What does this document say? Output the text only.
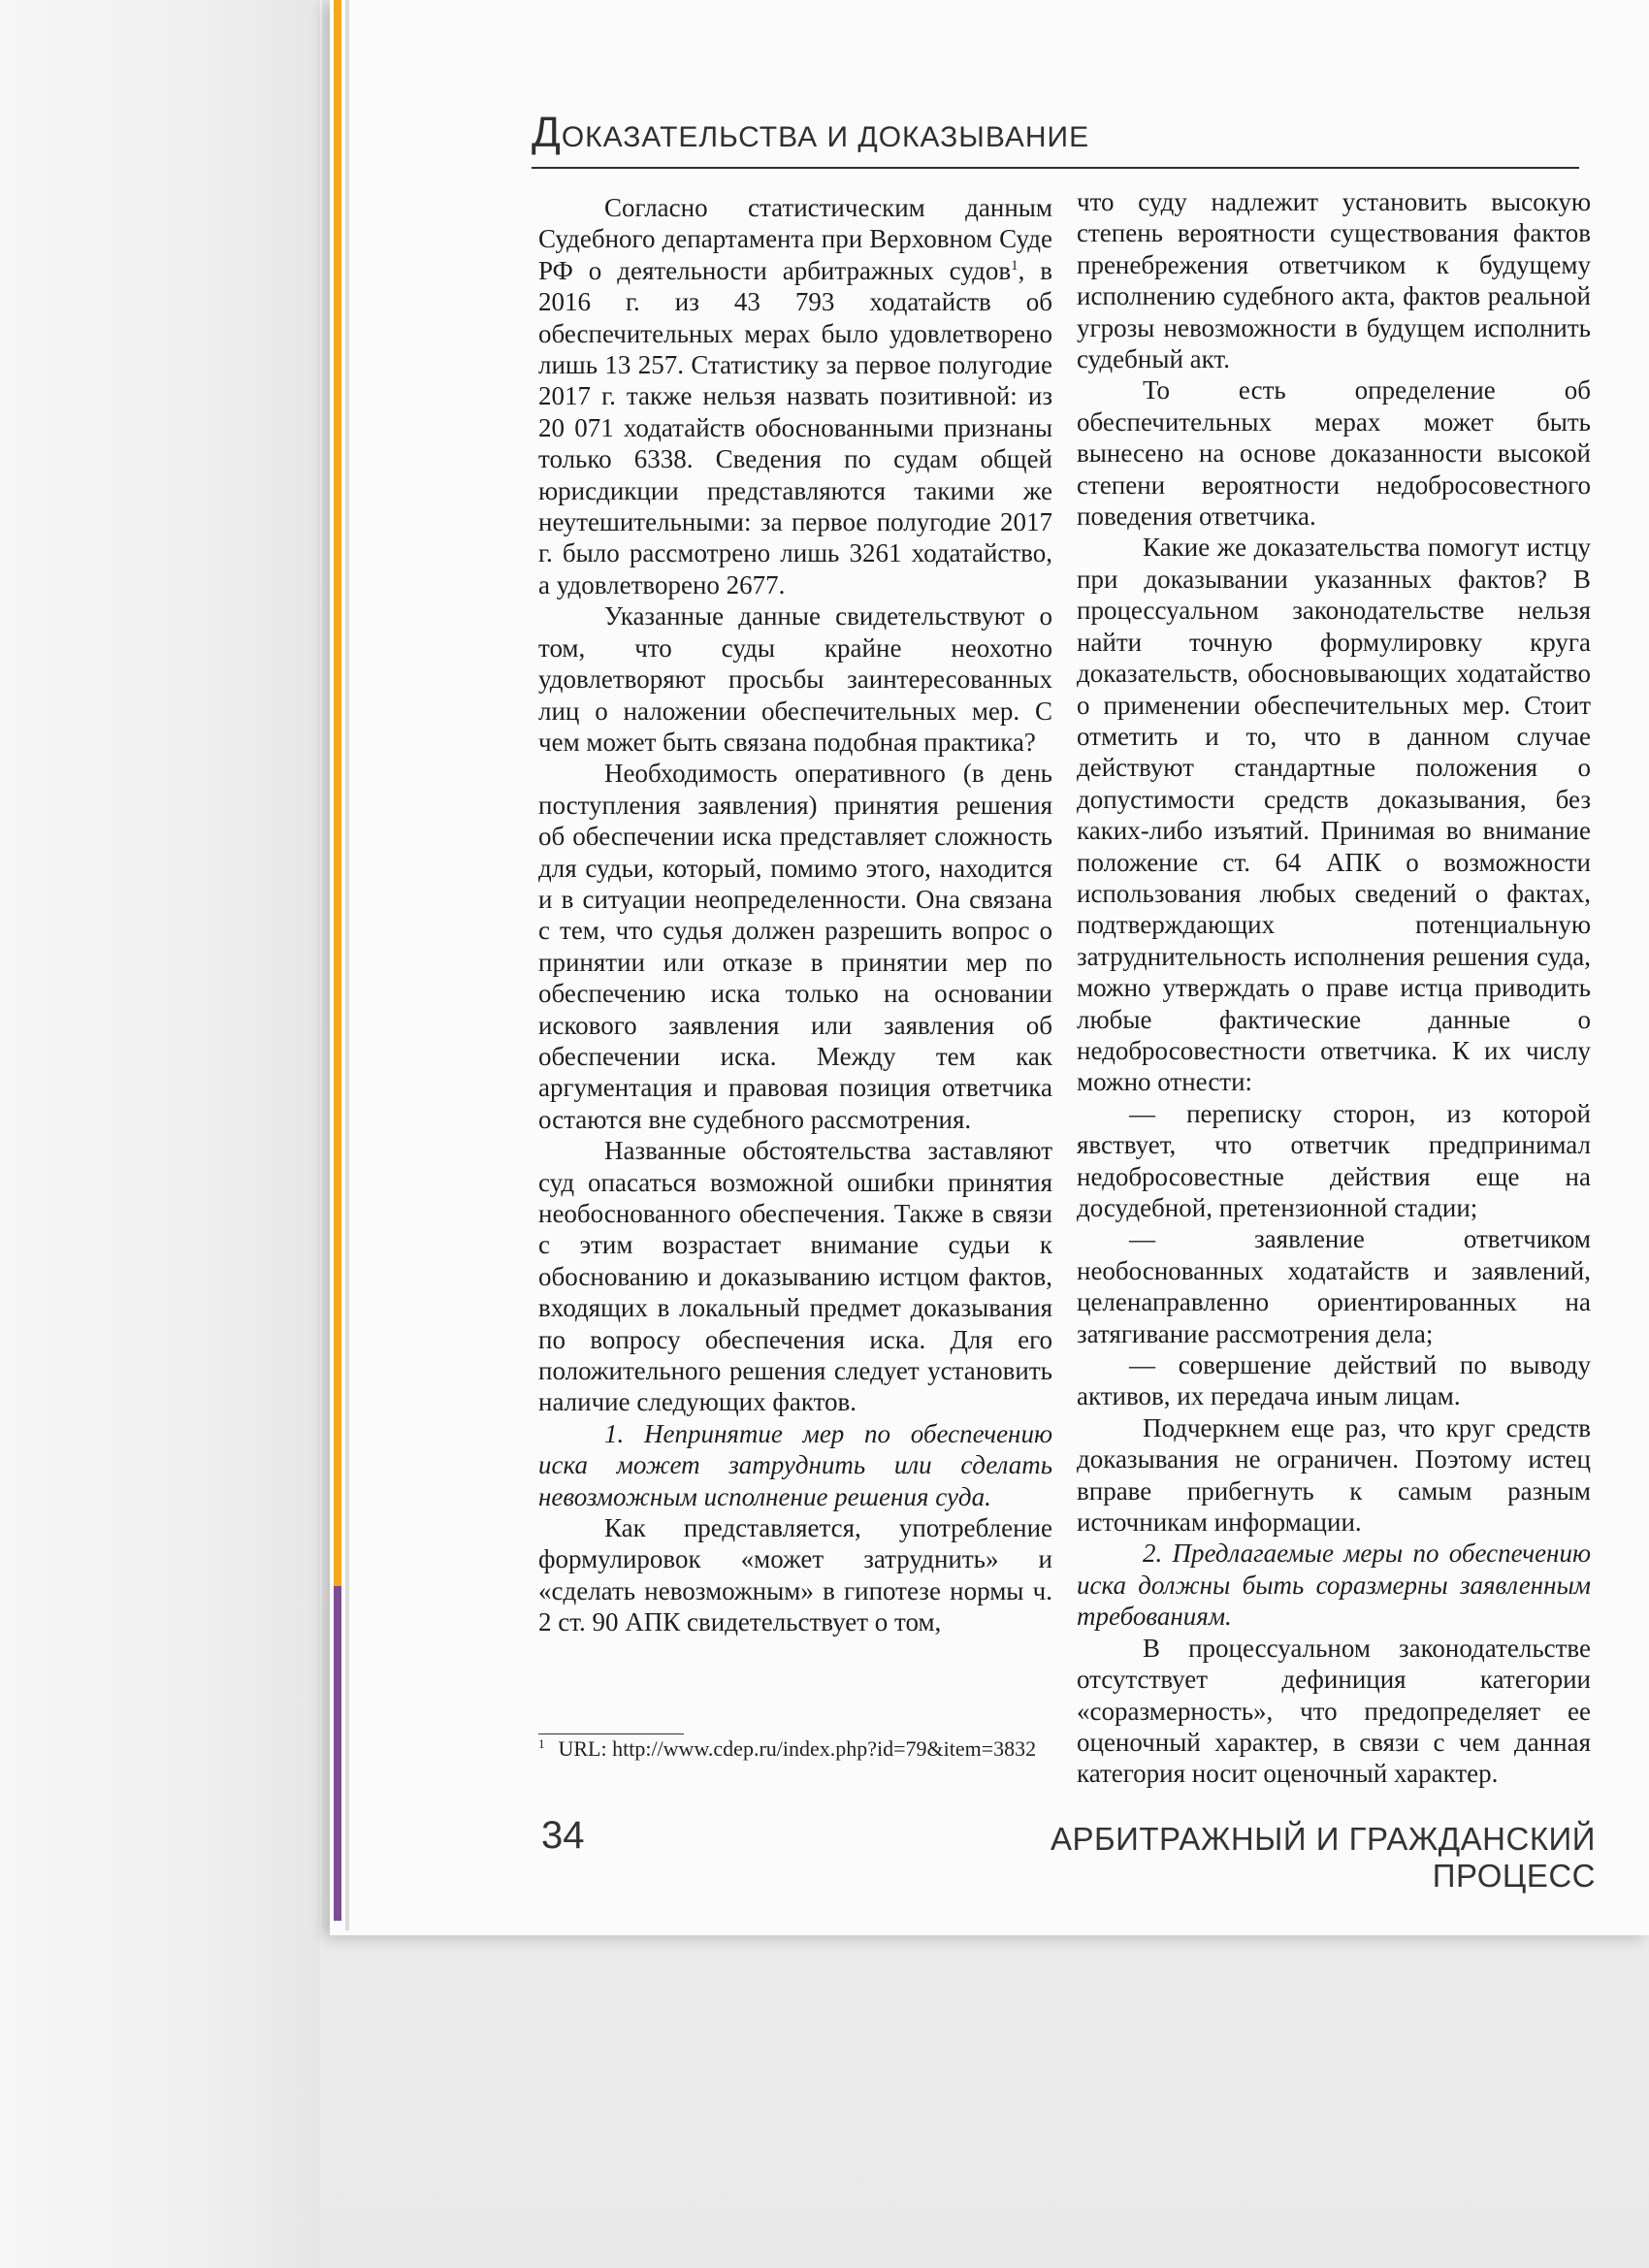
ДОКАЗАТЕЛЬСТВА И ДОКАЗЫВАНИЕ

Согласно статистическим данным Судебного департамента при Верховном Суде РФ о деятельности арбитражных судов$^1$, в 2016 г. из 43 793 ходатайств об обеспечительных мерах было удовлетворено лишь 13 257. Статистику за первое полугодие 2017 г. также нельзя назвать позитивной: из 20 071 ходатайств обоснованными признаны только 6338. Сведения по судам общей юрисдикции представляются такими же неутешительными: за первое полугодие 2017 г. было рассмотрено лишь 3261 ходатайство, а удовлетворено 2677.

Указанные данные свидетельствуют о том, что суды крайне неохотно удовлетворяют просьбы заинтересованных лиц о наложении обеспечительных мер. С чем может быть связана подобная практика?

Необходимость оперативного (в день поступления заявления) принятия решения об обеспечении иска представляет сложность для судьи, который, помимо этого, находится и в ситуации неопределенности. Она связана с тем, что судья должен разрешить вопрос о принятии или отказе в принятии мер по обеспечению иска только на основании искового заявления или заявления об обеспечении иска. Между тем как аргументация и правовая позиция ответчика остаются вне судебного рассмотрения.

Названные обстоятельства заставляют суд опасаться возможной ошибки принятия необоснованного обеспечения. Также в связи с этим возрастает внимание судьи к обоснованию и доказыванию истцом фактов, входящих в локальный предмет доказывания по вопросу обеспечения иска. Для его положительного решения следует установить наличие следующих фактов.

1. Непринятие мер по обеспечению иска может затруднить или сделать невозможным исполнение решения суда.

Как представляется, употребление формулировок «может затруднить» и «сделать невозможным» в гипотезе нормы ч. 2 ст. 90 АПК свидетельствует о том,

что суду надлежит установить высокую степень вероятности существования фактов пренебрежения ответчиком к будущему исполнению судебного акта, фактов реальной угрозы невозможности в будущем исполнить судебный акт.

То есть определение об обеспечительных мерах может быть вынесено на основе доказанности высокой степени вероятности недобросовестного поведения ответчика.

Какие же доказательства помогут истцу при доказывании указанных фактов? В процессуальном законодательстве нельзя найти точную формулировку круга доказательств, обосновывающих ходатайство о применении обеспечительных мер. Стоит отметить и то, что в данном случае действуют стандартные положения о допустимости средств доказывания, без каких-либо изъятий. Принимая во внимание положение ст. 64 АПК о возможности использования любых сведений о фактах, подтверждающих потенциальную затруднительность исполнения решения суда, можно утверждать о праве истца приводить любые фактические данные о недобросовестности ответчика. К их числу можно отнести:

— переписку сторон, из которой явствует, что ответчик предпринимал недобросовестные действия еще на досудебной, претензионной стадии;

— заявление ответчиком необоснованных ходатайств и заявлений, целенаправленно ориентированных на затягивание рассмотрения дела;

— совершение действий по выводу активов, их передача иным лицам.

Подчеркнем еще раз, что круг средств доказывания не ограничен. Поэтому истец вправе прибегнуть к самым разным источникам информации.

2. Предлагаемые меры по обеспечению иска должны быть соразмерны заявленным требованиям.

В процессуальном законодательстве отсутствует дефиниция категории «соразмерность», что предопределяет ее оценочный характер, в связи с чем данная категория носит оценочный характер.

$^1$ URL: http://www.cdep.ru/index.php?id=79&item=3832
34	АРБИТРАЖНЫЙ И ГРАЖДАНСКИЙ ПРОЦЕСС
